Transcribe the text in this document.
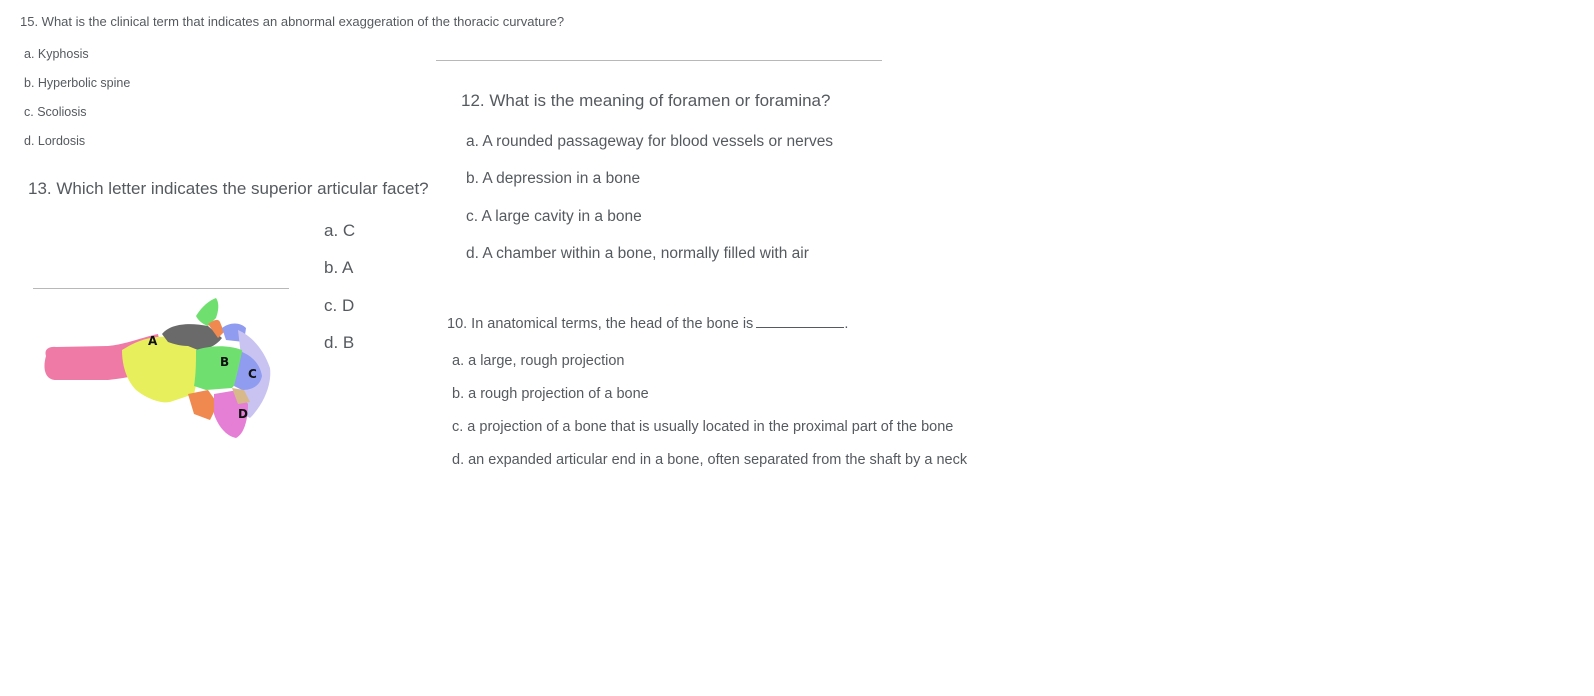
15. What is the clinical term that indicates an abnormal exaggeration of the thoracic curvature?
a. Kyphosis
b. Hyperbolic spine
c. Scoliosis
d. Lordosis
13. Which letter indicates the superior articular facet?
a. C
b. A
c. D
d. B
A
B
C
D
12. What is the meaning of foramen or foramina?
a. A rounded passageway for blood vessels or nerves
b. A depression in a bone
c. A large cavity in a bone
d. A chamber within a bone, normally filled with air
10. In anatomical terms, the head of the bone is	.
a. a large, rough projection
b. a rough projection of a bone
c. a projection of a bone that is usually located in the proximal part of the bone
d. an expanded articular end in a bone, often separated from the shaft by a neck
